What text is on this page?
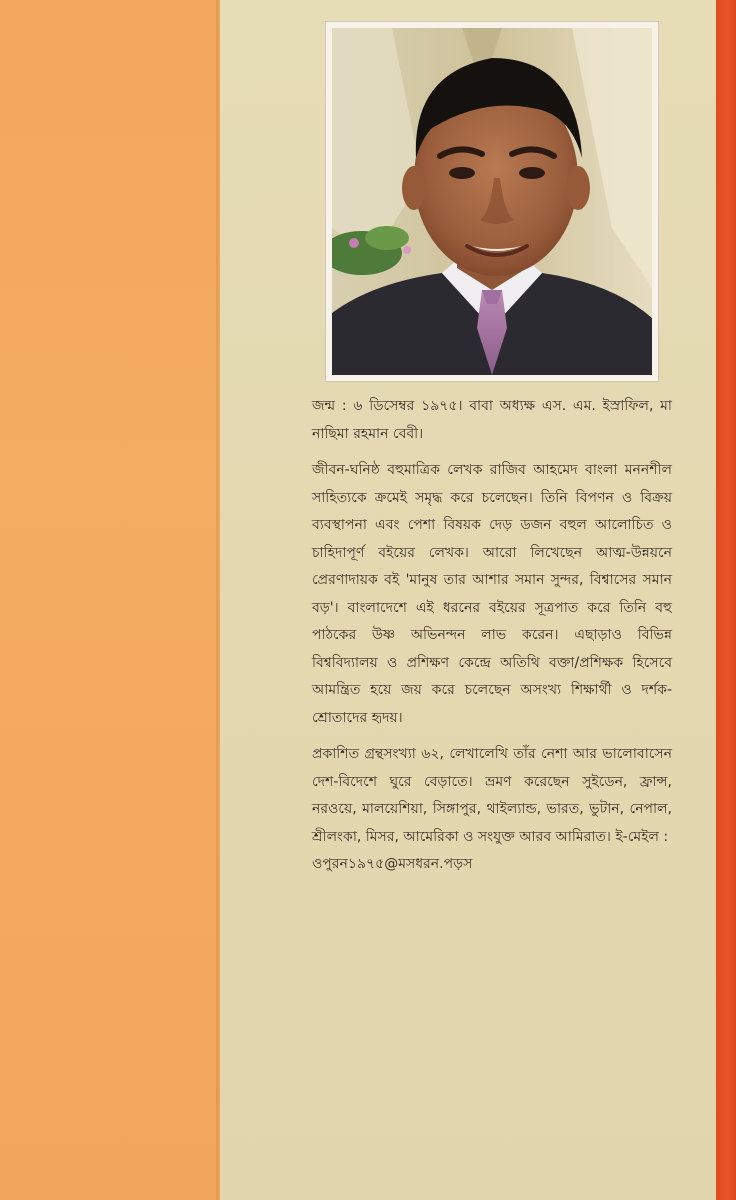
জন্ম : ৬ ডিসেম্বর ১৯৭৫। বাবা অধ্যক্ষ এস. এম. ইস্রাফিল, মা নাছিমা রহমান বেবী।

জীবন-ঘনিষ্ঠ বহুমাত্রিক লেখক রাজিব আহমেদ বাংলা মননশীল সাহিত্যকে ক্রমেই সমৃদ্ধ করে চলেছেন। তিনি বিপণন ও বিক্রয় ব্যবস্থাপনা এবং পেশা বিষয়ক দেড় ডজন বহুল আলোচিত ও চাহিদাপূর্ণ বইয়ের লেখক। আরো লিখেছেন আত্ম-উন্নয়নে প্রেরণাদায়ক বই 'মানুষ তার আশার সমান সুন্দর, বিশ্বাসের সমান বড়'। বাংলাদেশে এই ধরনের বইয়ের সূত্রপাত করে তিনি বহু পাঠকের উষ্ণ অভিনন্দন লাভ করেন। এছাড়াও বিভিন্ন বিশ্ববিদ্যালয় ও প্রশিক্ষণ কেন্দ্রে অতিথি বক্তা/প্রশিক্ষক হিসেবে আমন্ত্রিত হয়ে জয় করে চলেছেন অসংখ্য শিক্ষার্থী ও দর্শক-শ্রোতাদের হৃদয়।

প্রকাশিত গ্রন্থসংখ্যা ৬২, লেখালেখি তাঁর নেশা আর ভালোবাসেন দেশ-বিদেশে ঘুরে বেড়াতে। ভ্রমণ করেছেন সুইডেন, ফ্রান্স, নরওয়ে, মালয়েশিয়া, সিঙ্গাপুর, থাইল্যান্ড, ভারত, ভুটান, নেপাল, শ্রীলংকা, মিসর, আমেরিকা ও সংযুক্ত আরব আমিরাত। ই-মেইল :
ওপুরন১৯৭৫@মসধরন.পড়স
